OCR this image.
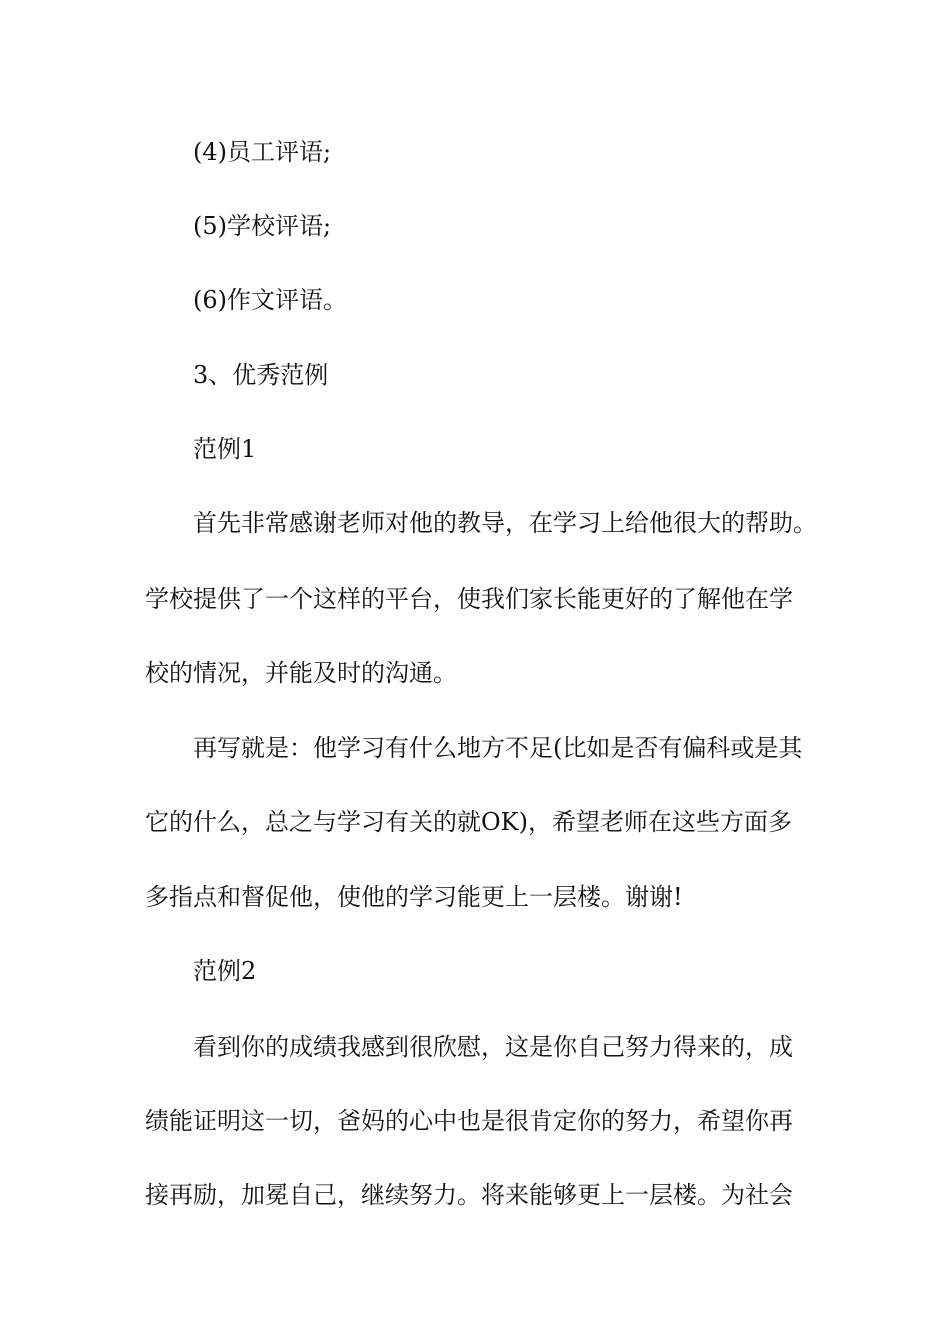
(4)员工评语;
(5)学校评语;
(6)作文评语。
3、优秀范例
范例1
首先非常感谢老师对他的教导，在学习上给他很大的帮助。
学校提供了一个这样的平台，使我们家长能更好的了解他在学
校的情况，并能及时的沟通。
再写就是：他学习有什么地方不足(比如是否有偏科或是其
它的什么，总之与学习有关的就OK)，希望老师在这些方面多
多指点和督促他，使他的学习能更上一层楼。谢谢!
范例2
看到你的成绩我感到很欣慰，这是你自己努力得来的，成
绩能证明这一切，爸妈的心中也是很肯定你的努力，希望你再
接再励，加冕自己，继续努力。将来能够更上一层楼。为社会
